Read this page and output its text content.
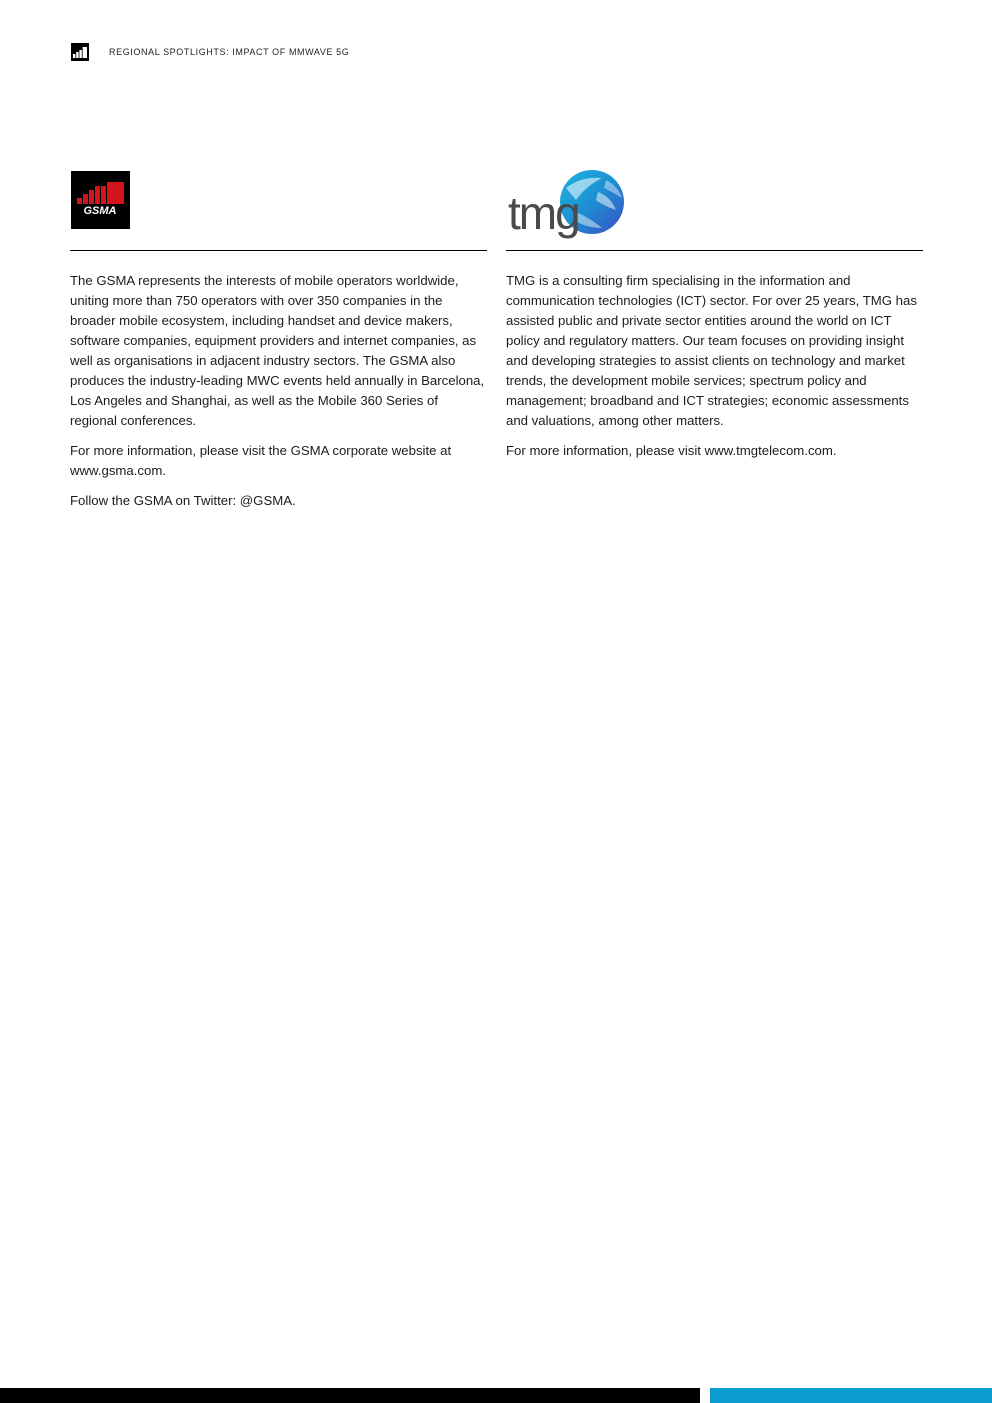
REGIONAL SPOTLIGHTS: IMPACT OF MMWAVE 5G
GSMA

The GSMA represents the interests of mobile operators worldwide, uniting more than 750 operators with over 350 companies in the broader mobile ecosystem, including handset and device makers, software companies, equipment providers and internet companies, as well as organisations in adjacent industry sectors. The GSMA also produces the industry-leading MWC events held annually in Barcelona, Los Angeles and Shanghai, as well as the Mobile 360 Series of regional conferences.

For more information, please visit the GSMA corporate website at www.gsma.com.

Follow the GSMA on Twitter: @GSMA.

tmg

TMG is a consulting firm specialising in the information and communication technologies (ICT) sector. For over 25 years, TMG has assisted public and private sector entities around the world on ICT policy and regulatory matters. Our team focuses on providing insight and developing strategies to assist clients on technology and market trends, the development mobile services; spectrum policy and management; broadband and ICT strategies; economic assessments and valuations, among other matters.

For more information, please visit www.tmgtelecom.com.
